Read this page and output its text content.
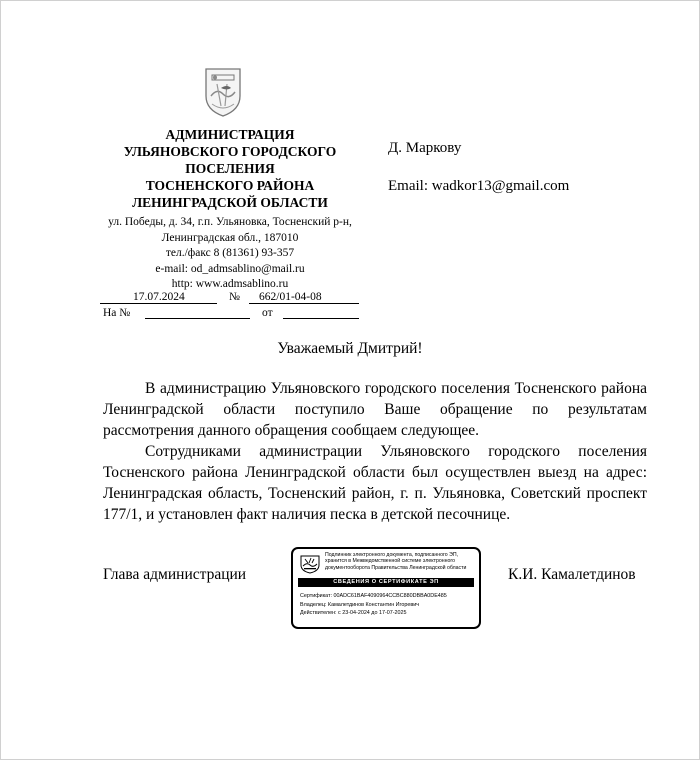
АДМИНИСТРАЦИЯ
УЛЬЯНОВСКОГО ГОРОДСКОГО
ПОСЕЛЕНИЯ
ТОСНЕНСКОГО РАЙОНА
ЛЕНИНГРАДСКОЙ ОБЛАСТИ
ул. Победы, д. 34, г.п. Ульяновка, Тосненский р-н,
Ленинградская обл., 187010
тел./факс 8 (81361) 93-357
e-mail: od_admsablino@mail.ru
http: www.admsablino.ru
17.07.2024	№ 662/01-04-08
На №	от
Д. Маркову
Email: wadkor13@gmail.com
Уважаемый Дмитрий!

В администрацию Ульяновского городского поселения Тосненского района Ленинградской области поступило Ваше обращение по результатам рассмотрения данного обращения сообщаем следующее.

Сотрудниками администрации Ульяновского городского поселения Тосненского района Ленинградской области был осуществлен выезд на адрес: Ленинградская область, Тосненский район, г. п. Ульяновка, Советский проспект 177/1, и установлен факт наличия песка в детской песочнице.

Глава администрации	К.И. Камалетдинов
Подлинник электронного документа, подписанного ЭП, хранится в Межведомственной системе электронного документооборота Правительства Ленинградской области
СВЕДЕНИЯ О СЕРТИФИКАТЕ ЭП
Сертификат: 00ADC61BAF4090964CCBC880DBBA0DE485
Владелец: Камалетдинов Константин Игоревич
Действителен: с 23-04-2024 до 17-07-2025
